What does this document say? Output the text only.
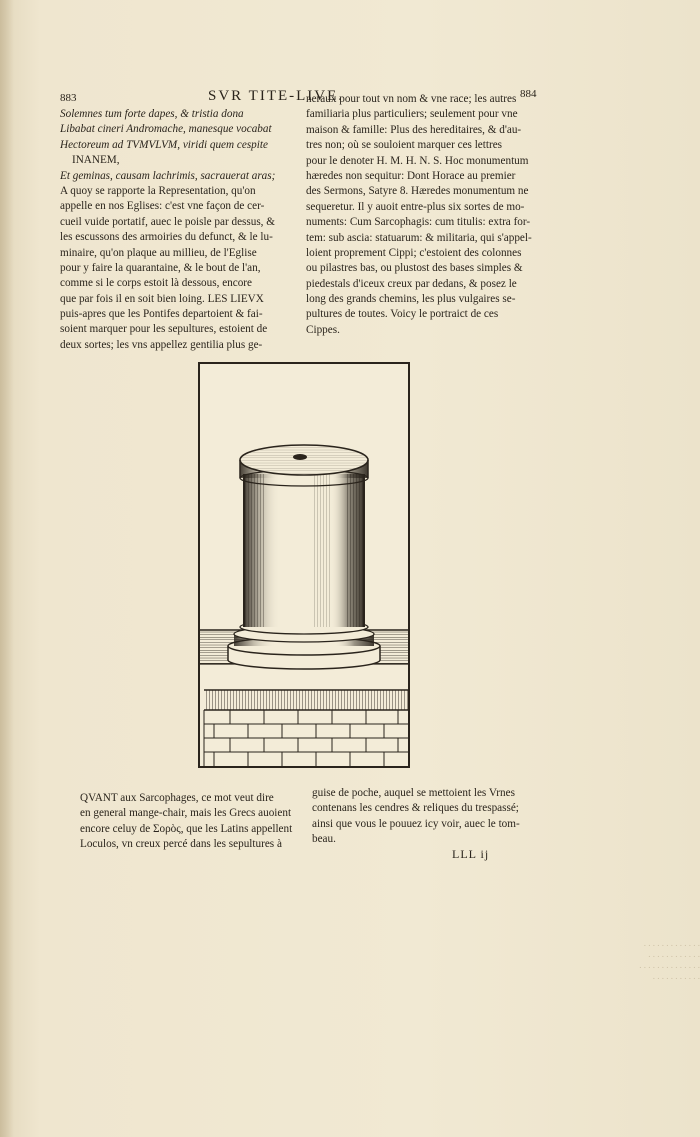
883	SVR TITE-LIVE.	884
Solemnes tum forte dapes, & tristia dona
Libabat cineri Andromache, manesque vocabat
Hectoreum ad TVMVLVM, viridi quem cespite
INANEM,
Et geminas, causam lachrimis, sacrauerat aras;
A quoy se rapporte la Representation, qu'on
appelle en nos Eglises: c'est vne façon de cer-
cueil vuide portatif, auec le poisle par dessus, &
les escussons des armoiries du defunct, & le lu-
minaire, qu'on plaque au millieu, de l'Eglise
pour y faire la quarantaine, & le bout de l'an,
comme si le corps estoit là dessous, encore
que par fois il en soit bien loing. LES LIEVX
puis-apres que les Pontifes departoient & fai-
soient marquer pour les sepultures, estoient de
deux sortes; les vns appellez gentilia plus ge-
neraux pour tout vn nom & vne race; les autres
familiaria plus particuliers; seulement pour vne
maison & famille: Plus des hereditaires, & d'au-
tres non; où se souloient marquer ces lettres
pour le denoter H. M. H. N. S. Hoc monumentum
hæredes non sequitur: Dont Horace au premier
des Sermons, Satyre 8. Hæredes monumentum ne
sequeretur. Il y auoit entre-plus six sortes de mo-
numents: Cum Sarcophagis: cum titulis: extra for-
tem: sub ascia: statuarum: & militaria, qui s'appel-
loient proprement Cippi; c'estoient des colonnes
ou pilastres bas, ou plustost des bases simples &
piedestals d'iceux creux par dedans, & posez le
long des grands chemins, les plus vulgaires se-
pultures de toutes. Voicy le portraict de ces
Cippes.
QVANT aux Sarcophages, ce mot veut dire
en general mange-chair, mais les Grecs auoient
encore celuy de Σορὸς, que les Latins appellent
Loculos, vn creux percé dans les sepultures à
guise de poche, auquel se mettoient les Vrnes
contenans les cendres & reliques du trespassé;
ainsi que vous le pouuez icy voir, auec le tom-
beau.
LLL ij
. . . . . . . . . . . . .
. . . . . . . . . . . .
. . . . . . . . . . . . . .
. . . . . . . . . . .
